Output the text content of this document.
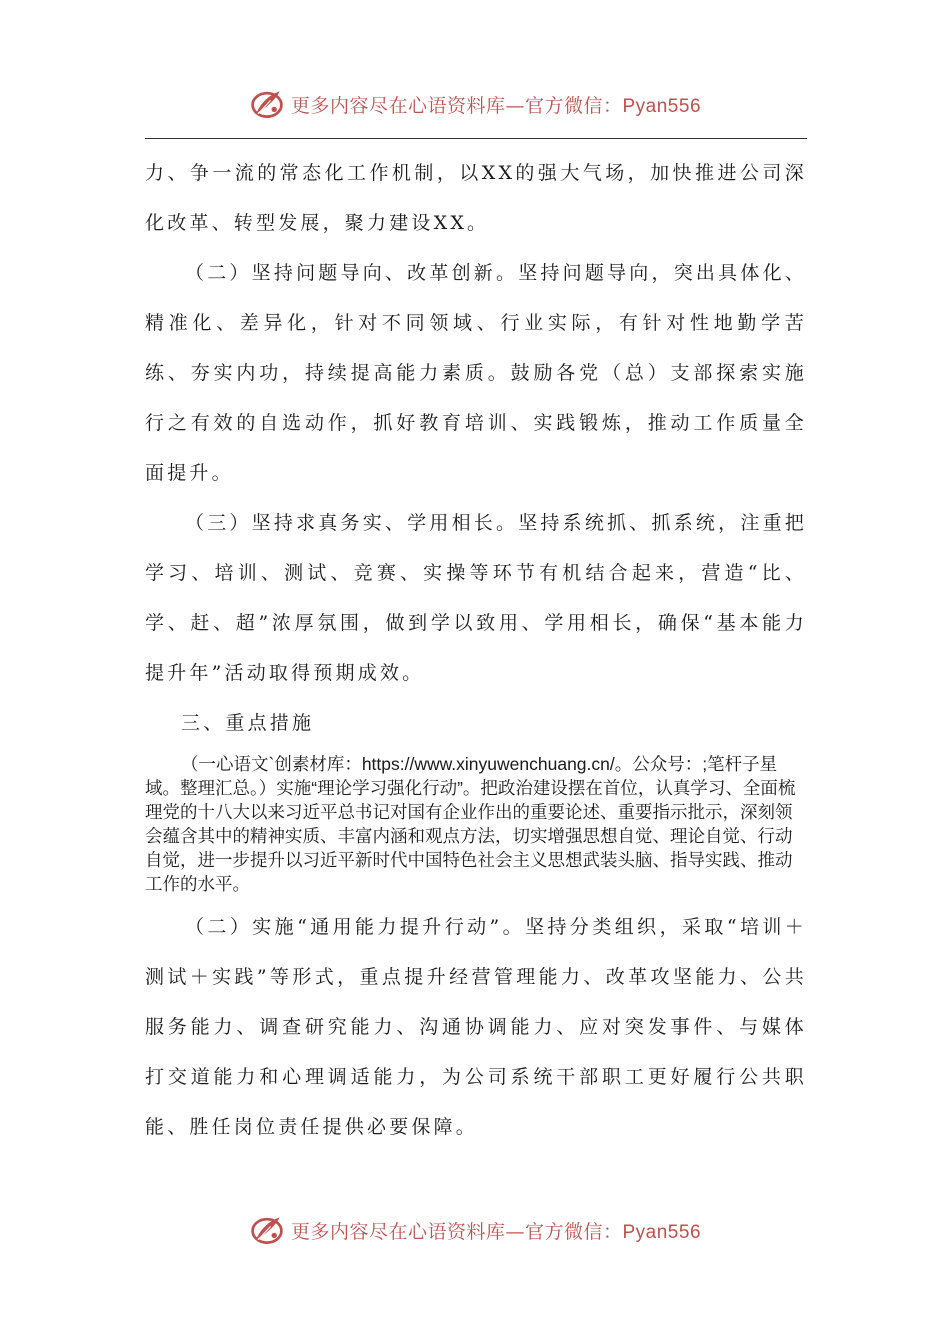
更多内容尽在心语资料库—官方微信：Pyan556

力、争一流的常态化工作机制，以XX的强大气场，加快推进公司深化改革、转型发展，聚力建设XX。

（二）坚持问题导向、改革创新。坚持问题导向，突出具体化、精准化、差异化，针对不同领域、行业实际，有针对性地勤学苦练、夯实内功，持续提高能力素质。鼓励各党（总）支部探索实施行之有效的自选动作，抓好教育培训、实践锻炼，推动工作质量全面提升。

（三）坚持求真务实、学用相长。坚持系统抓、抓系统，注重把学习、培训、测试、竞赛、实操等环节有机结合起来，营造“比、学、赶、超”浓厚氛围，做到学以致用、学用相长，确保“基本能力提升年”活动取得预期成效。

三、重点措施

（一心语文`创素材库：https://www.xinyuwenchuang.cn/。公众号：;笔杆子星域。整理汇总。）实施“理论学习强化行动”。把政治建设摆在首位，认真学习、全面梳理党的十八大以来习近平总书记对国有企业作出的重要论述、重要指示批示，深刻领会蕴含其中的精神实质、丰富内涵和观点方法，切实增强思想自觉、理论自觉、行动自觉，进一步提升以习近平新时代中国特色社会主义思想武装头脑、指导实践、推动工作的水平。

（二）实施“通用能力提升行动”。坚持分类组织，采取“培训＋测试＋实践”等形式，重点提升经营管理能力、改革攻坚能力、公共服务能力、调查研究能力、沟通协调能力、应对突发事件、与媒体打交道能力和心理调适能力，为公司系统干部职工更好履行公共职能、胜任岗位责任提供必要保障。

更多内容尽在心语资料库—官方微信：Pyan556
